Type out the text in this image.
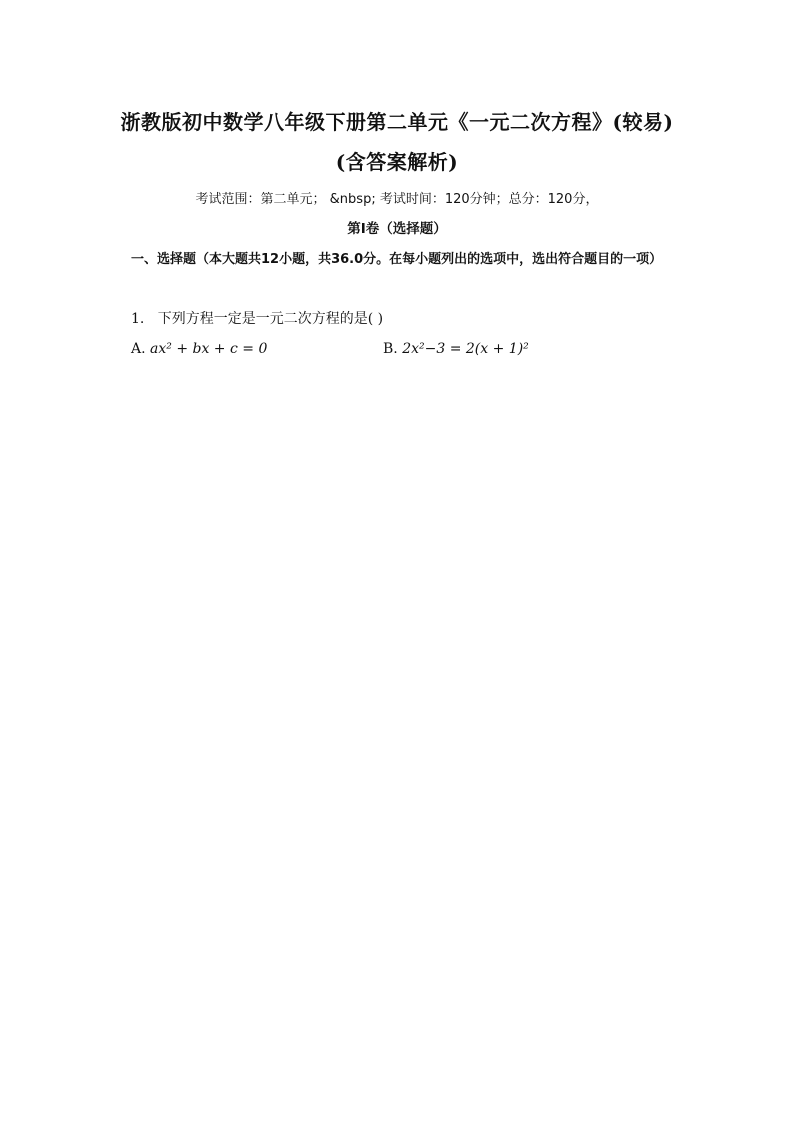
浙教版初中数学八年级下册第二单元《一元二次方程》(较易)
(含答案解析)
考试范围：第二单元； &nbsp; 考试时间：120分钟；总分：120分，
第I卷（选择题）
一、选择题（本大题共12小题，共36.0分。在每小题列出的选项中，选出符合题目的一项）
1. 下列方程一定是一元二次方程的是( )
A. ax² + bx + c = 0	B. 2x²−3 = 2(x + 1)²
